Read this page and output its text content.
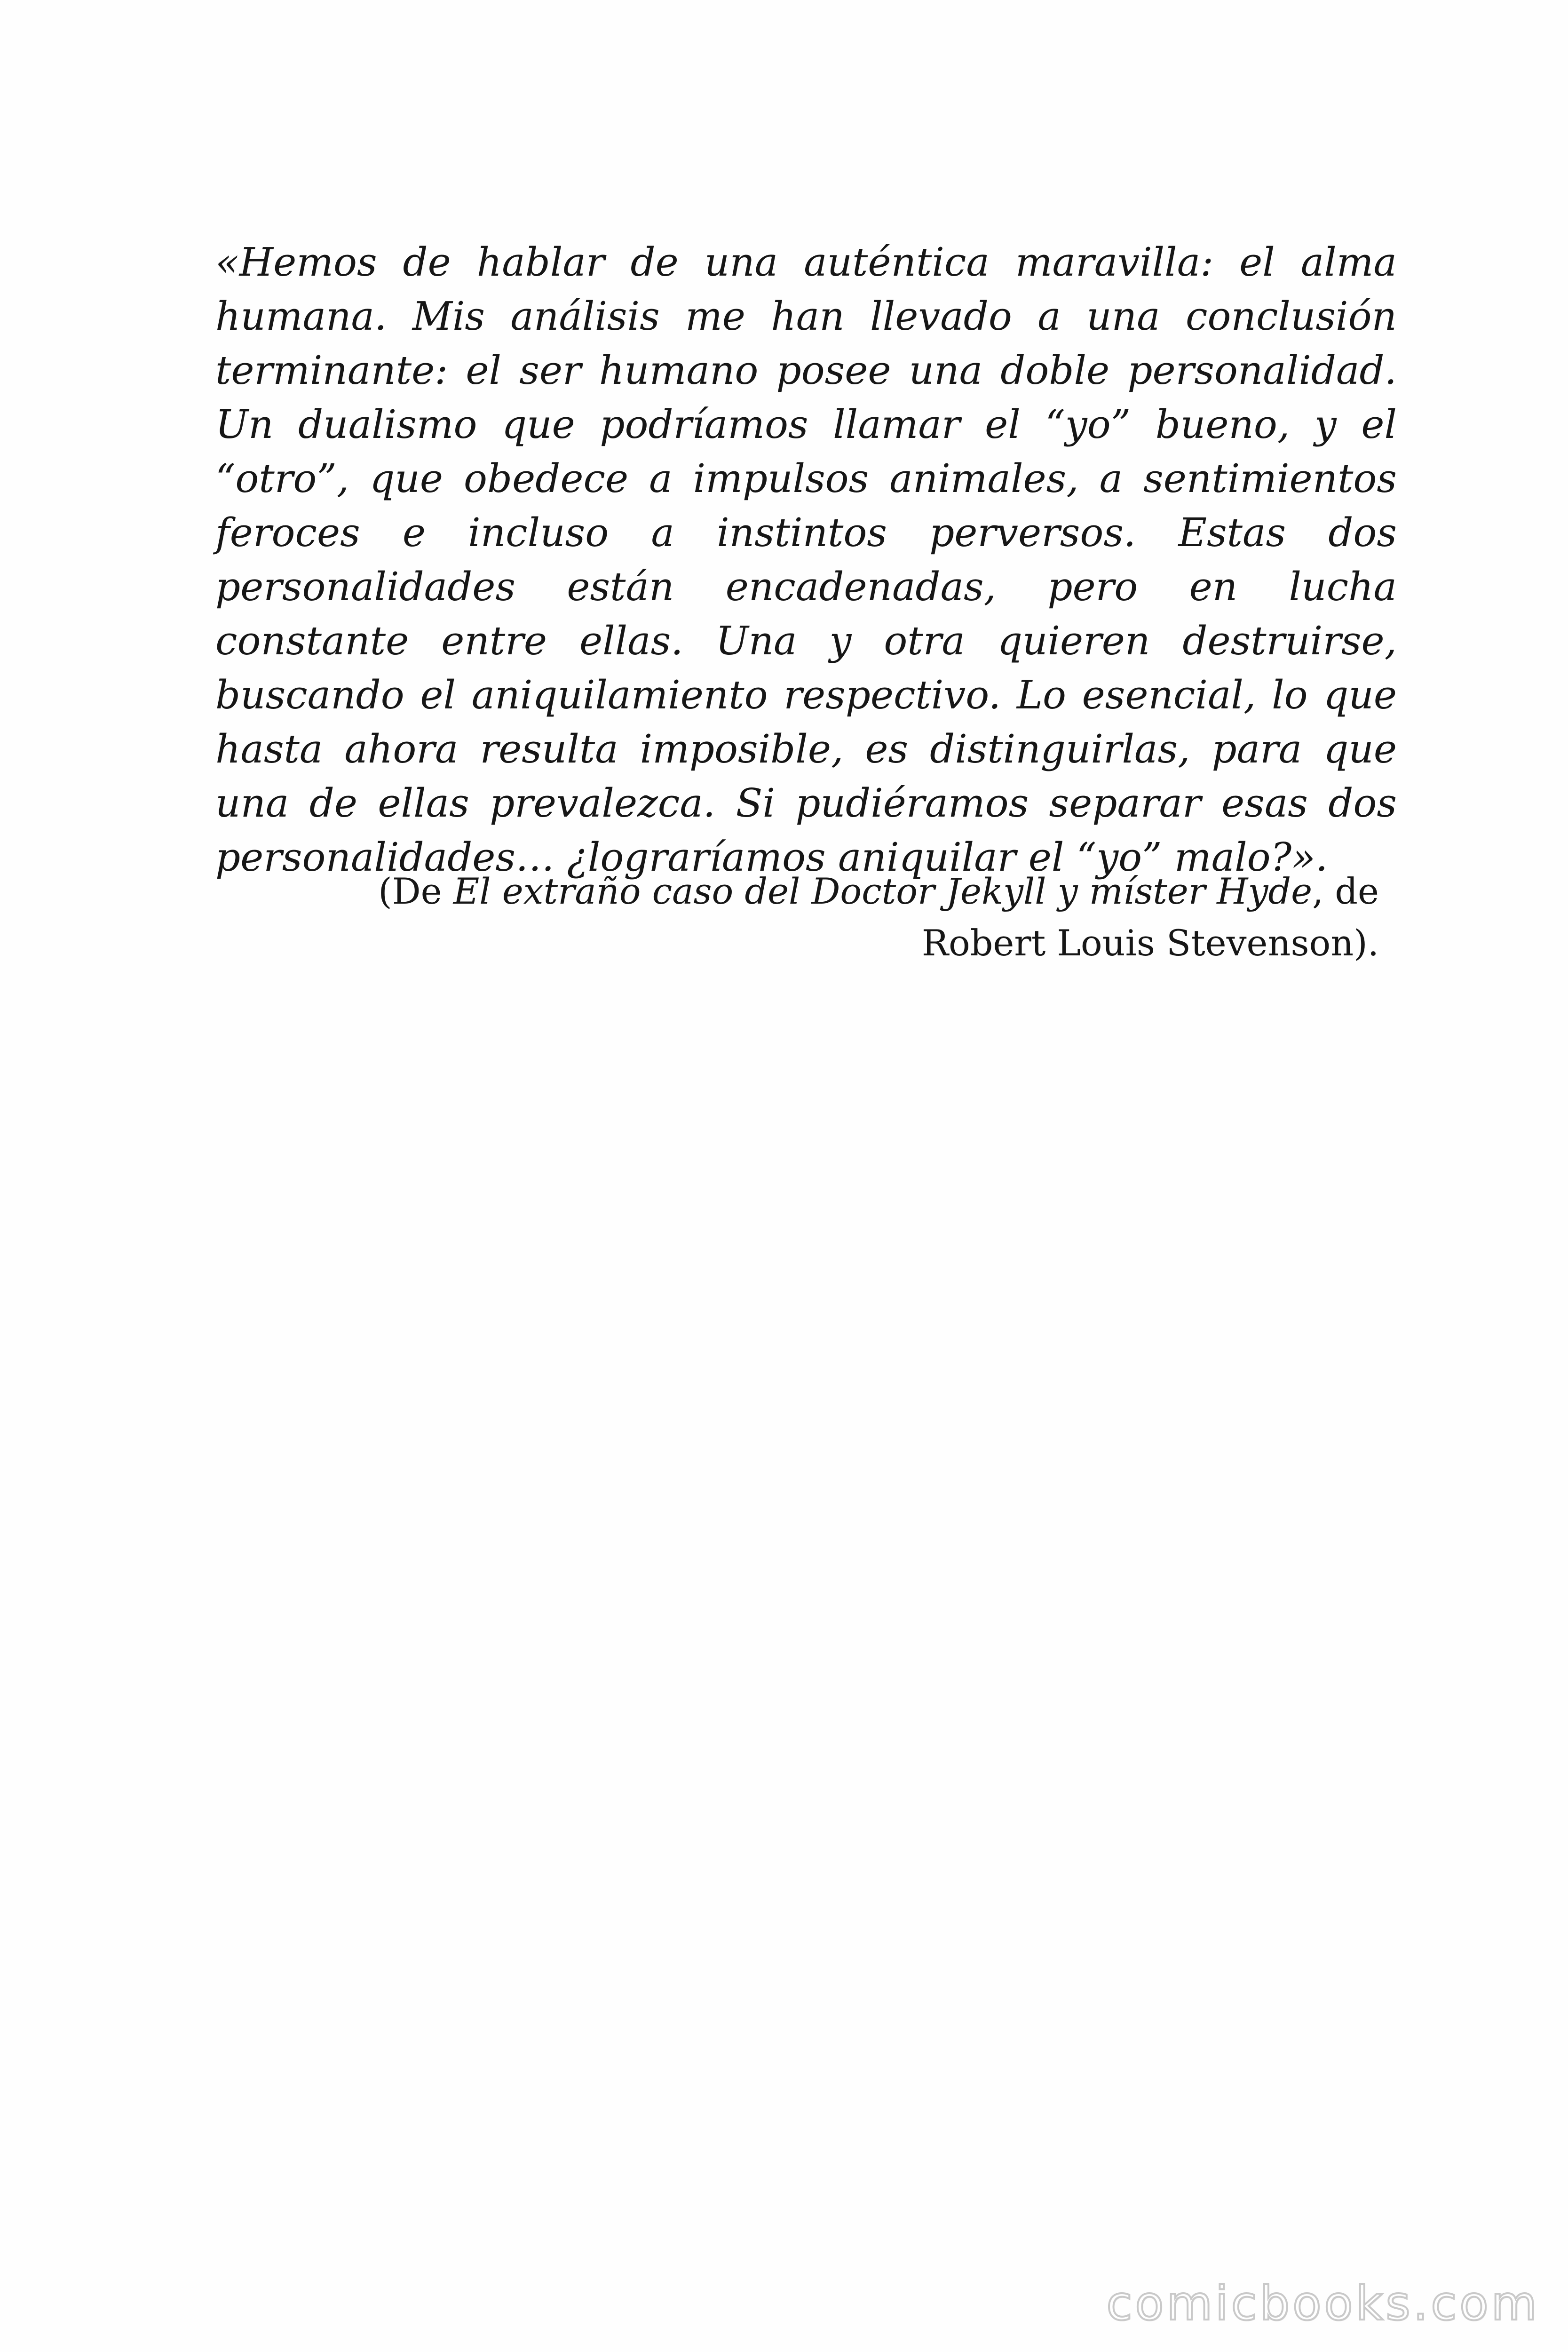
«Hemos de hablar de una auténtica maravilla: el alma humana. Mis análisis me han llevado a una conclusión terminante: el ser humano posee una doble personalidad. Un dualismo que podríamos llamar el “yo” bueno, y el “otro”, que obedece a impulsos animales, a sentimientos feroces e incluso a instintos perversos. Estas dos personalidades están encadenadas, pero en lucha constante entre ellas. Una y otra quieren destruirse, buscando el aniquilamiento respectivo. Lo esencial, lo que hasta ahora resulta imposible, es distinguirlas, para que una de ellas prevalezca. Si pudiéramos separar esas dos personalidades… ¿lograríamos aniquilar el “yo” malo?».

(De El extraño caso del Doctor Jekyll y míster Hyde, de Robert Louis Stevenson).

comicbooks.com
